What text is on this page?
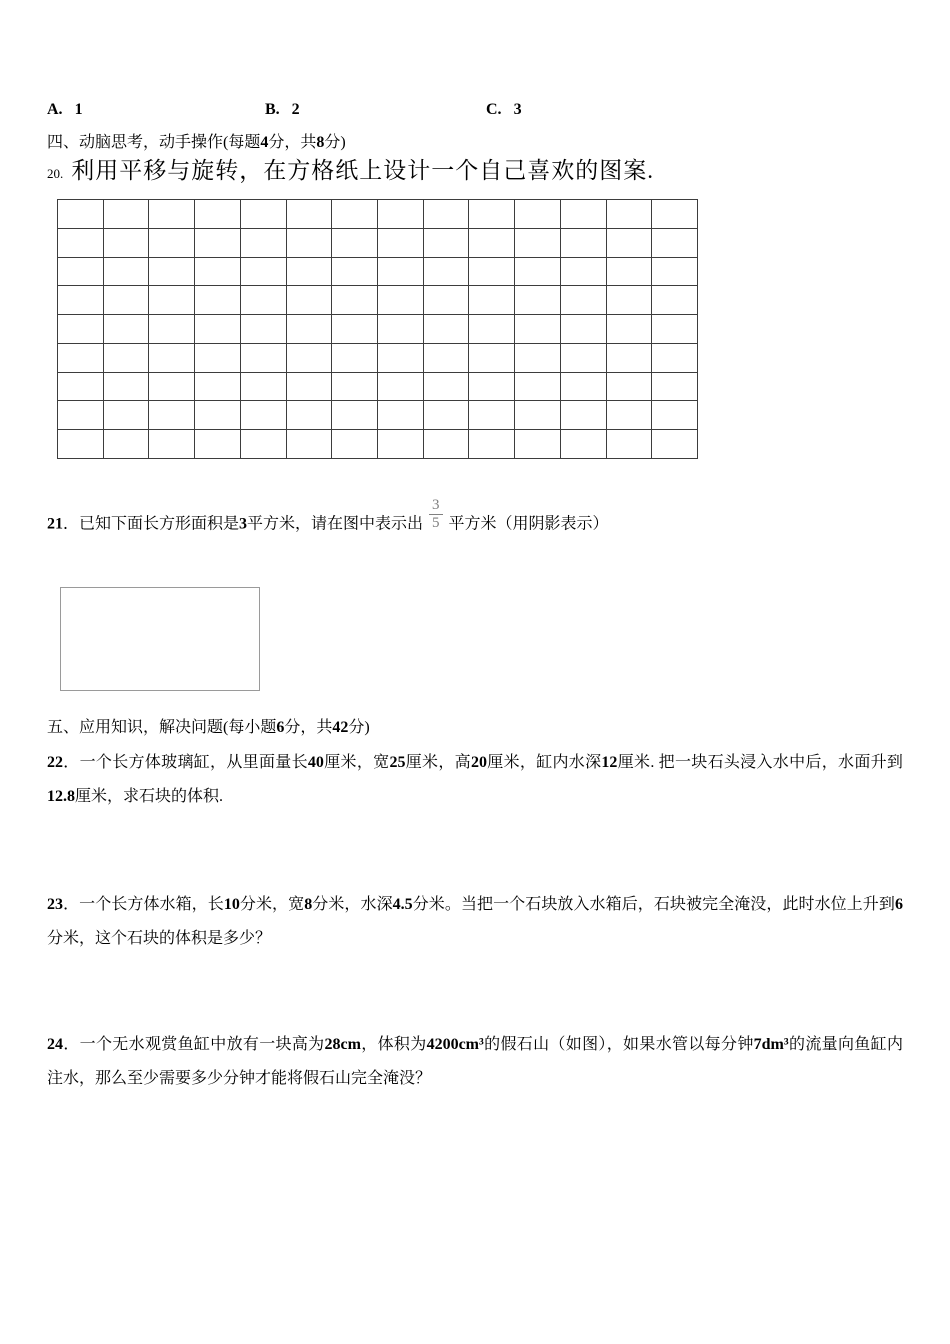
A. 1	B. 2	C. 3
四、动脑思考，动手操作(每题4分，共8分)
20. 利用平移与旋转，在方格纸上设计一个自己喜欢的图案.
21．已知下面长方形面积是3平方米，请在图中表示出 $\frac{3}{5}$ 平方米（用阴影表示）
五、应用知识，解决问题(每小题6分，共42分)
22．一个长方体玻璃缸，从里面量长40厘米，宽25厘米，高20厘米，缸内水深12厘米. 把一块石头浸入水中后，水面升到12.8厘米，求石块的体积.
23．一个长方体水箱，长10分米，宽8分米，水深4.5分米。当把一个石块放入水箱后，石块被完全淹没，此时水位上升到6分米，这个石块的体积是多少？
24．一个无水观赏鱼缸中放有一块高为28cm，体积为4200cm³的假石山（如图），如果水管以每分钟7dm³的流量向鱼缸内注水，那么至少需要多少分钟才能将假石山完全淹没？
